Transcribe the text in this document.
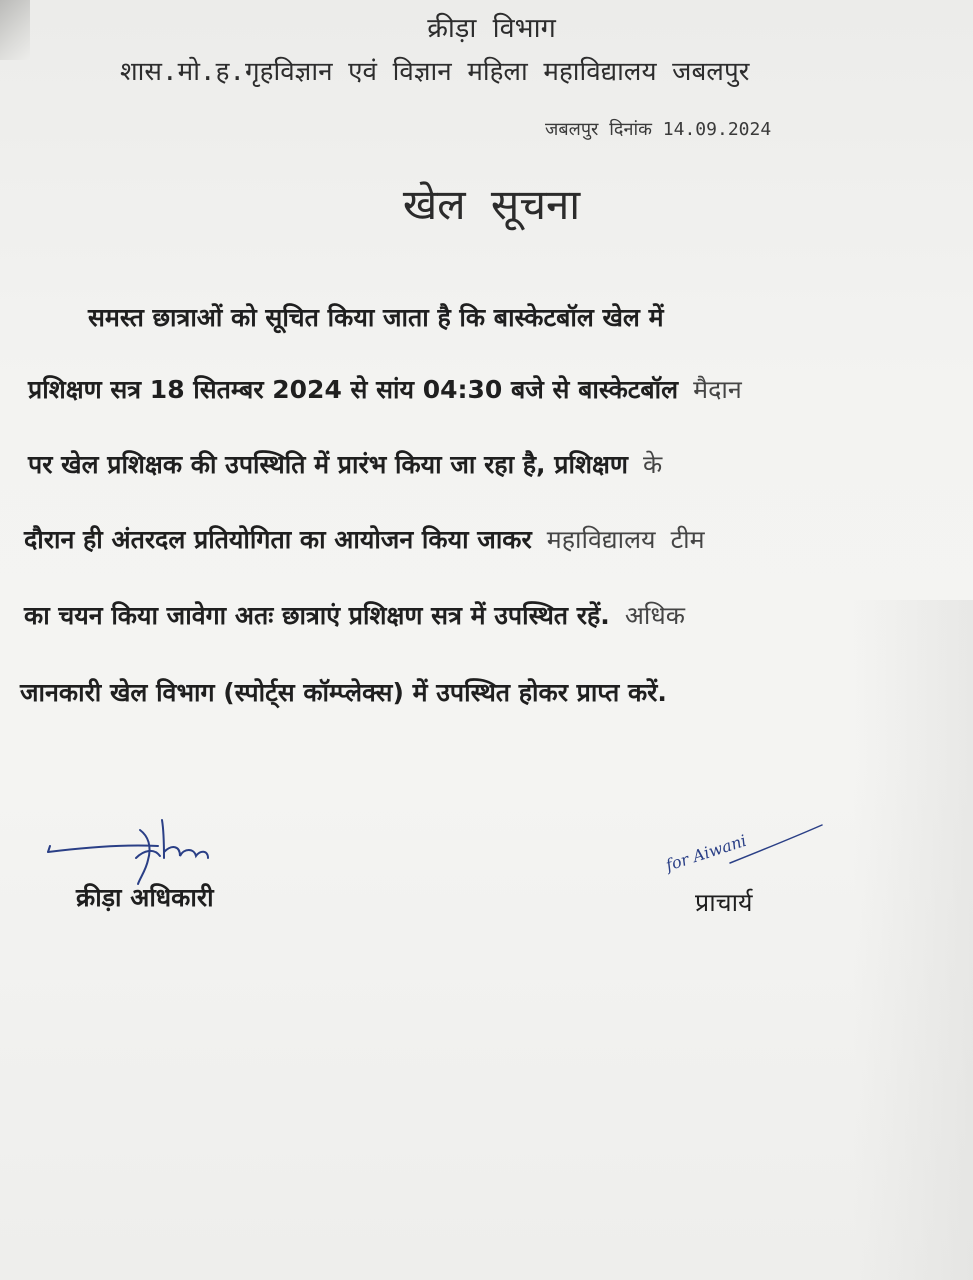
क्रीड़ा विभाग
शास.मो.ह.गृहविज्ञान एवं विज्ञान महिला महाविद्यालय जबलपुर
जबलपुर दिनांक 14.09.2024
खेल सूचना
समस्त छात्राओं को सूचित किया जाता है कि बास्केटबॉल खेल में
प्रशिक्षण सत्र 18 सितम्बर 2024 से सांय 04:30 बजे से बास्केटबॉल मैदान
पर खेल प्रशिक्षक की उपस्थिति में प्रारंभ किया जा रहा है, प्रशिक्षण के
दौरान ही अंतरदल प्रतियोगिता का आयोजन किया जाकर महाविद्यालय टीम
का चयन किया जावेगा अतः छात्राएं प्रशिक्षण सत्र में उपस्थित रहें. अधिक
जानकारी खेल विभाग (स्पोर्ट्स कॉम्प्लेक्स) में उपस्थित होकर प्राप्त करें.
क्रीड़ा अधिकारी
for Aiwani
प्राचार्य
